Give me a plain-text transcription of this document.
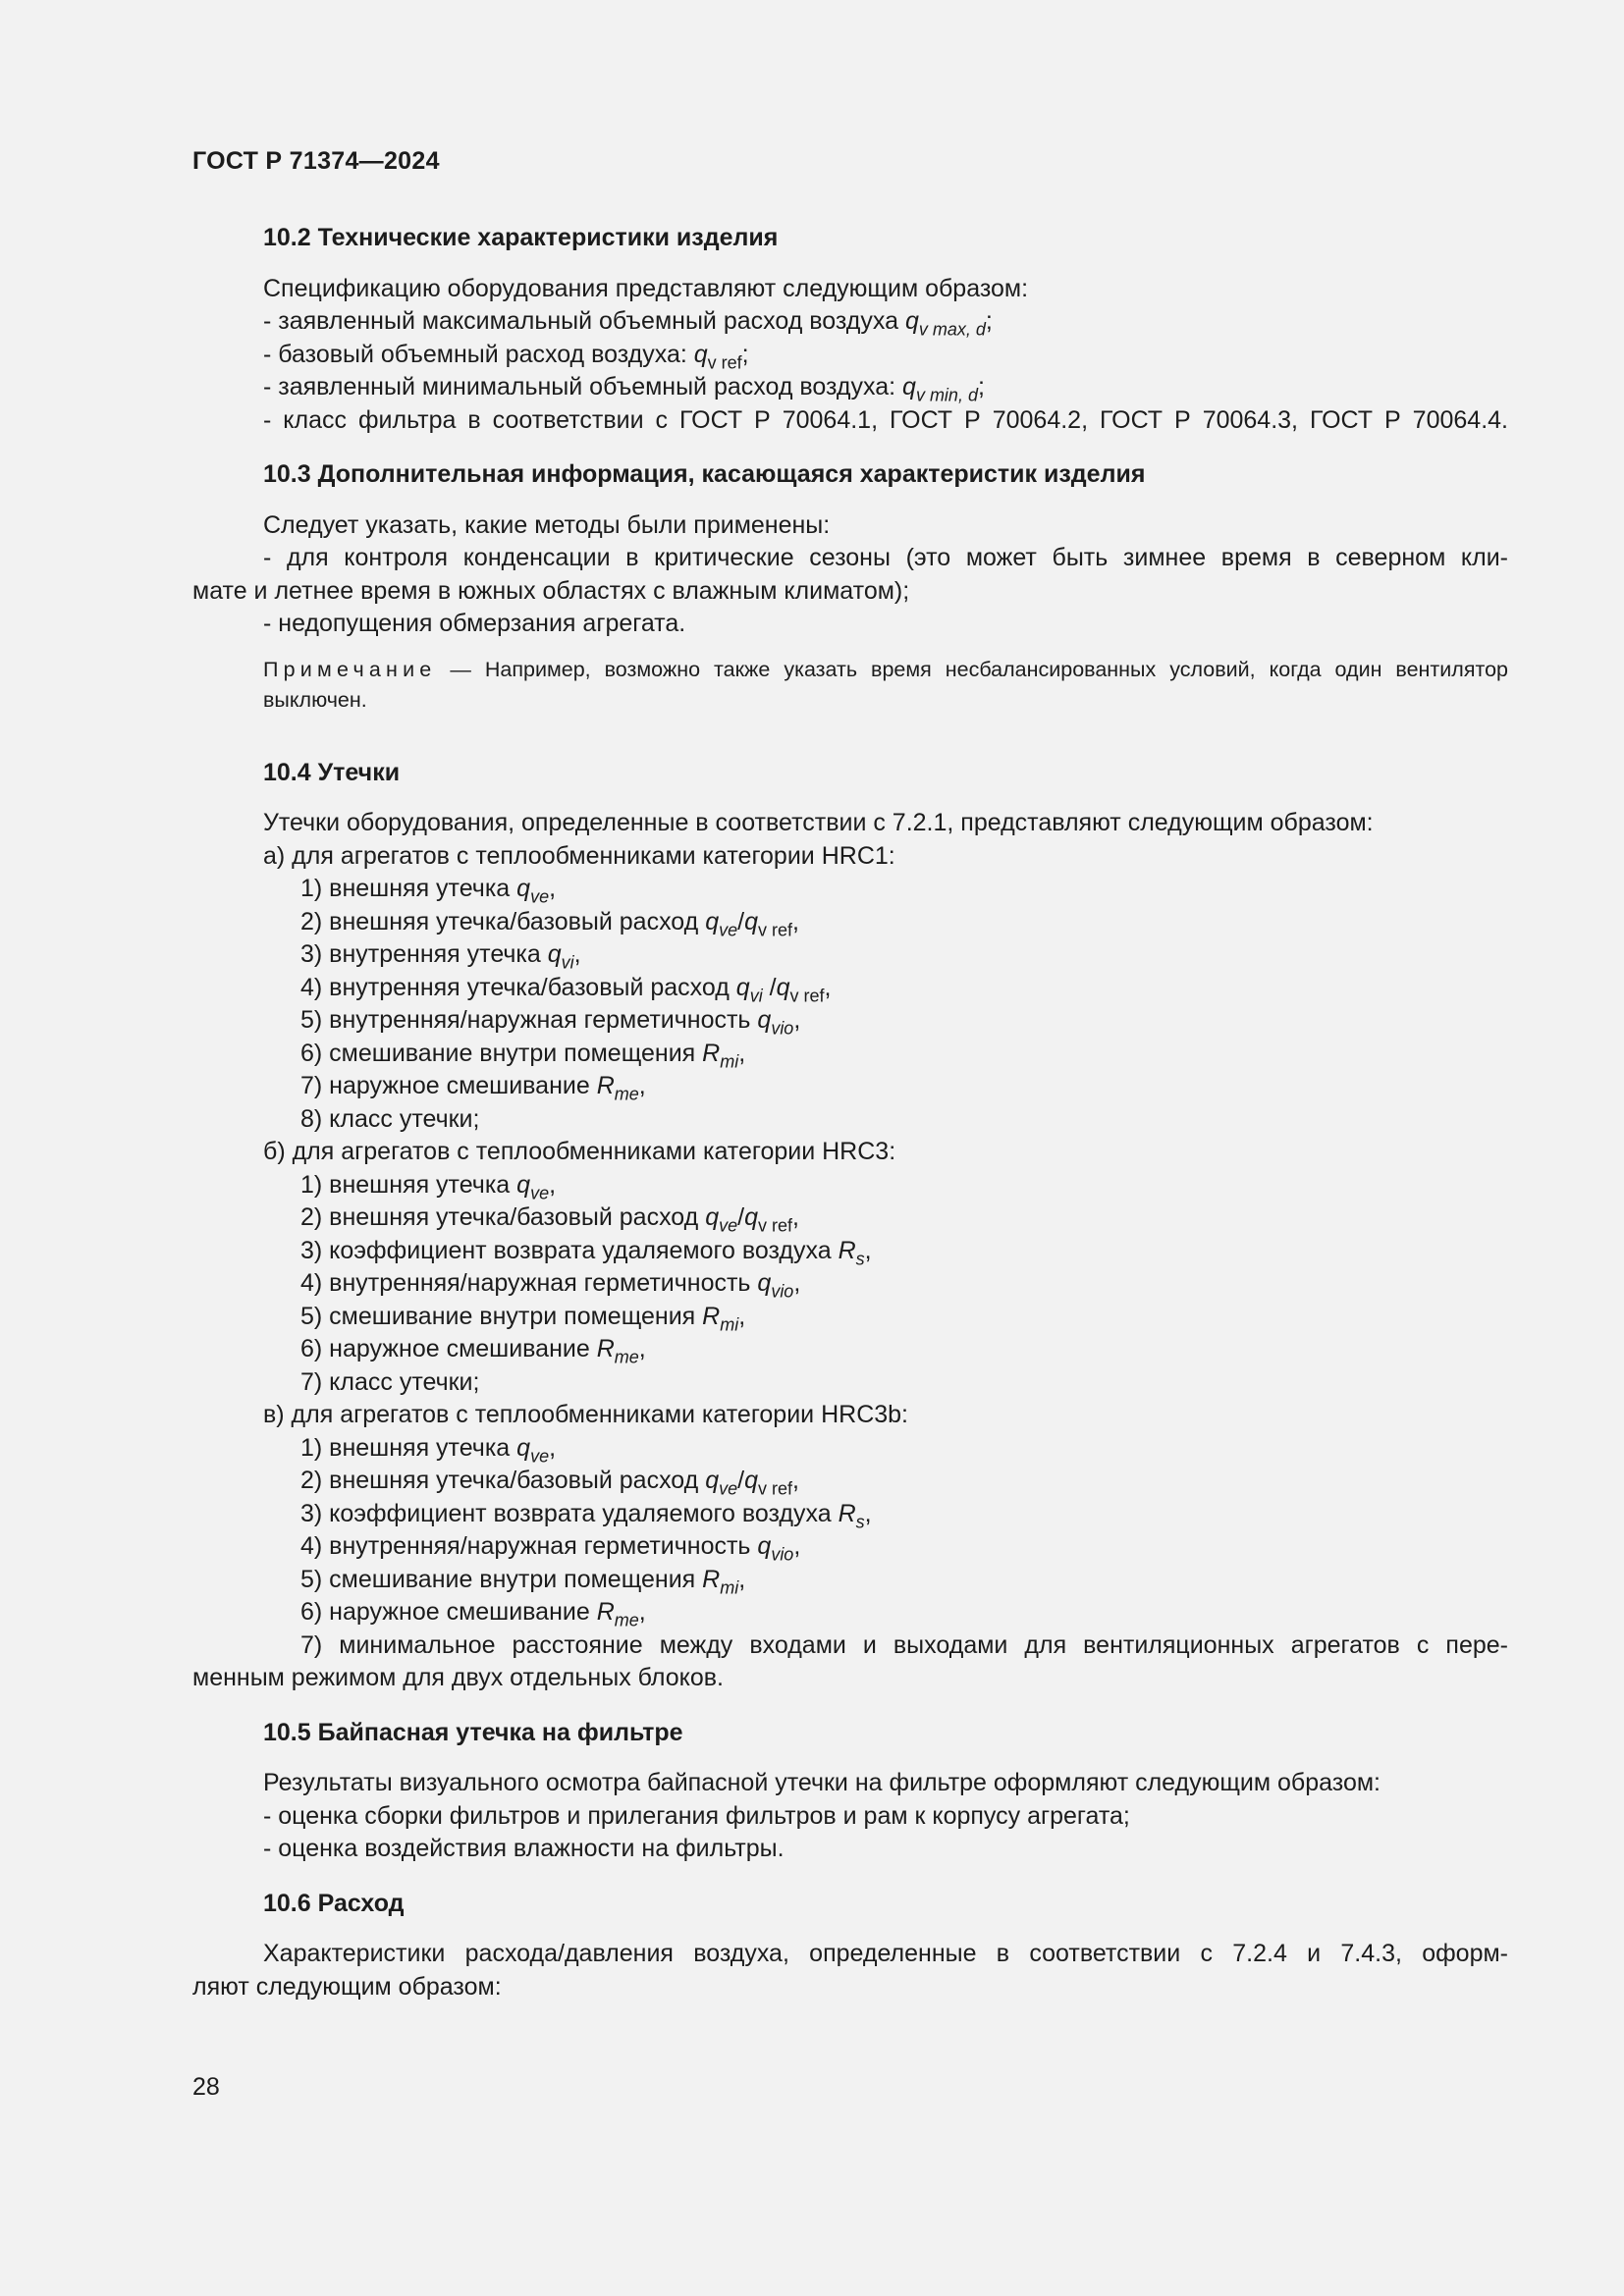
ГОСТ Р 71374—2024
10.2 Технические характеристики изделия

Спецификацию оборудования представляют следующим образом:

- заявленный максимальный объемный расход воздуха $q_{v max, d}$;

- базовый объемный расход воздуха: $q_{v ref}$;

- заявленный минимальный объемный расход воздуха: $q_{v min, d}$;

- класс фильтра в соответствии с ГОСТ Р 70064.1, ГОСТ Р 70064.2, ГОСТ Р 70064.3, ГОСТ Р 70064.4.

10.3 Дополнительная информация, касающаяся характеристик изделия

Следует указать, какие методы были применены:

- для контроля конденсации в критические сезоны (это может быть зимнее время в северном кли-

мате и летнее время в южных областях с влажным климатом);

- недопущения обмерзания агрегата.

Примечание — Например, возможно также указать время несбалансированных условий, когда один вентилятор выключен.

10.4 Утечки

Утечки оборудования, определенные в соответствии с 7.2.1, представляют следующим образом:

а) для агрегатов с теплообменниками категории HRC1:

1) внешняя утечка $q_{ve}$,

2) внешняя утечка/базовый расход $q_{ve}/q_{v ref}$,

3) внутренняя утечка $q_{vi}$,

4) внутренняя утечка/базовый расход $q_{vi}$ $/q_{v ref}$,

5) внутренняя/наружная герметичность $q_{vio}$,

6) смешивание внутри помещения $R_{mi}$,

7) наружное смешивание $R_{me}$,

8) класс утечки;

б) для агрегатов с теплообменниками категории HRC3:

1) внешняя утечка $q_{ve}$,

2) внешняя утечка/базовый расход $q_{ve}/q_{v ref}$,

3) коэффициент возврата удаляемого воздуха $R_s$,

4) внутренняя/наружная герметичность $q_{vio}$,

5) смешивание внутри помещения $R_{mi}$,

6) наружное смешивание $R_{me}$,

7) класс утечки;

в) для агрегатов с теплообменниками категории HRC3b:

1) внешняя утечка $q_{ve}$,

2) внешняя утечка/базовый расход $q_{ve}/q_{v ref}$,

3) коэффициент возврата удаляемого воздуха $R_s$,

4) внутренняя/наружная герметичность $q_{vio}$,

5) смешивание внутри помещения $R_{mi}$,

6) наружное смешивание $R_{me}$,

7) минимальное расстояние между входами и выходами для вентиляционных агрегатов с пере-

менным режимом для двух отдельных блоков.

10.5 Байпасная утечка на фильтре

Результаты визуального осмотра байпасной утечки на фильтре оформляют следующим образом:

- оценка сборки фильтров и прилегания фильтров и рам к корпусу агрегата;

- оценка воздействия влажности на фильтры.

10.6 Расход

Характеристики расхода/давления воздуха, определенные в соответствии с 7.2.4 и 7.4.3, оформ-

ляют следующим образом:

28
